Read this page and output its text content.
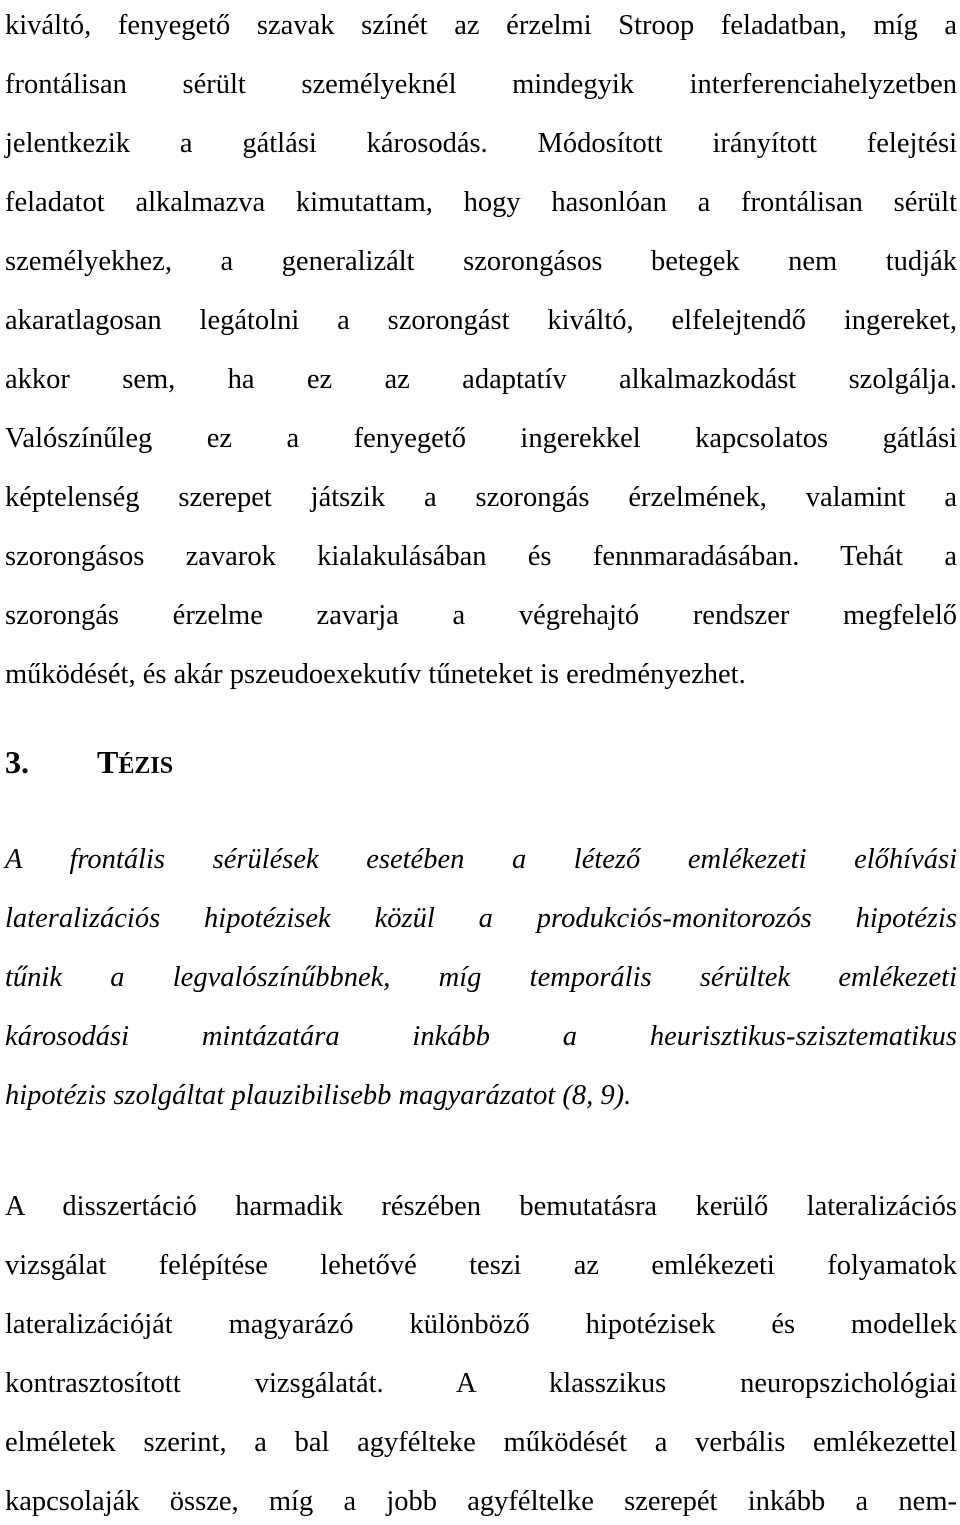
kiváltó, fenyegető szavak színét az érzelmi Stroop feladatban, míg a
frontálisan sérült személyeknél mindegyik interferenciahelyzetben
jelentkezik a gátlási károsodás. Módosított irányított felejtési
feladatot alkalmazva kimutattam, hogy hasonlóan a frontálisan sérült
személyekhez, a generalizált szorongásos betegek nem tudják
akaratlagosan legátolni a szorongást kiváltó, elfelejtendő ingereket,
akkor sem, ha ez az adaptatív alkalmazkodást szolgálja.
Valószínűleg ez a fenyegető ingerekkel kapcsolatos gátlási
képtelenség szerepet játszik a szorongás érzelmének, valamint a
szorongásos zavarok kialakulásában és fennmaradásában. Tehát a
szorongás érzelme zavarja a végrehajtó rendszer megfelelő
működését, és akár pszeudoexekutív tűneteket is eredményezhet.
3. TÉZIS
A frontális sérülések esetében a létező emlékezeti előhívási
lateralizációs hipotézisek közül a produkciós-monitorozós hipotézis
tűnik a legvalószínűbbnek, míg temporális sérültek emlékezeti
károsodási mintázatára inkább a heurisztikus-szisztematikus
hipotézis szolgáltat plauzibilisebb magyarázatot (8, 9).
A disszertáció harmadik részében bemutatásra kerülő lateralizációs
vizsgálat felépítése lehetővé teszi az emlékezeti folyamatok
lateralizációját magyarázó különböző hipotézisek és modellek
kontrasztosított vizsgálatát. A klasszikus neuropszichológiai
elméletek szerint, a bal agyfélteke működését a verbális emlékezettel
kapcsolaják össze, míg a jobb agyféltelke szerepét inkább a nem-
